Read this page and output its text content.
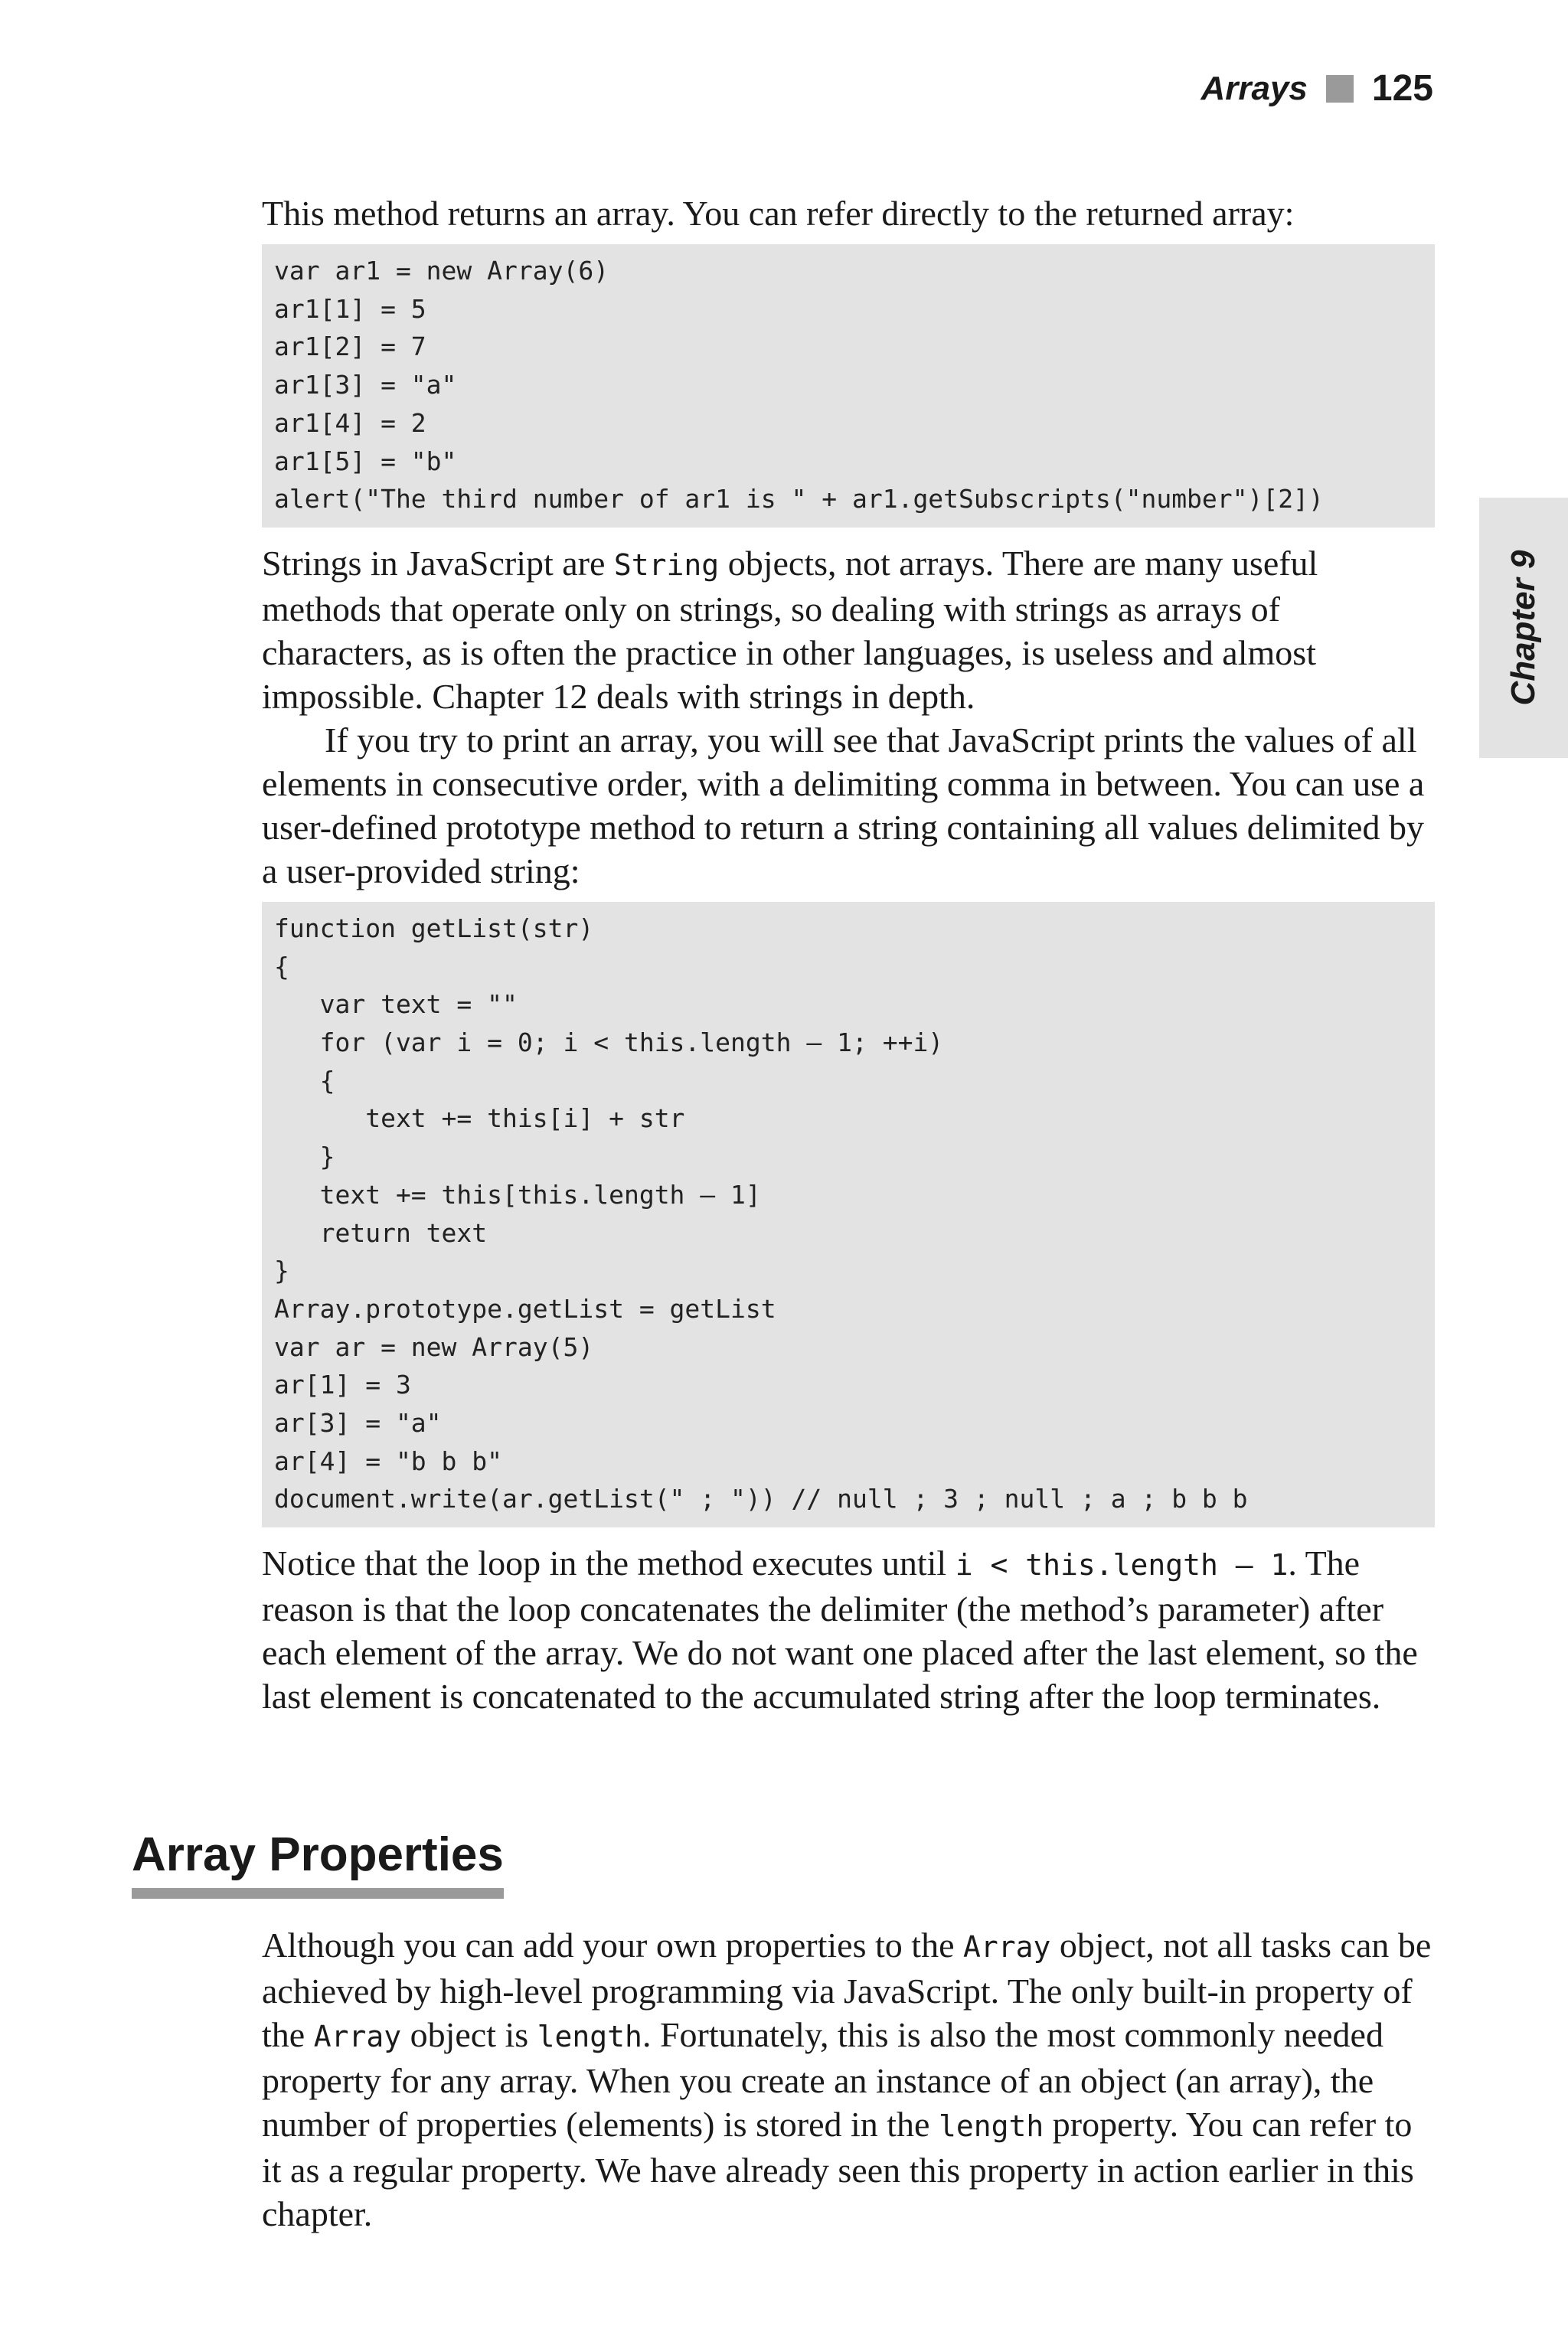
Arrays 125
Chapter 9

This method returns an array. You can refer directly to the returned array:

var ar1 = new Array(6)
ar1[1] = 5
ar1[2] = 7
ar1[3] = "a"
ar1[4] = 2
ar1[5] = "b"
alert("The third number of ar1 is " + ar1.getSubscripts("number")[2])

Strings in JavaScript are String objects, not arrays. There are many useful methods that operate only on strings, so dealing with strings as arrays of characters, as is often the practice in other languages, is useless and almost impossible. Chapter 12 deals with strings in depth.

If you try to print an array, you will see that JavaScript prints the values of all elements in consecutive order, with a delimiting comma in between. You can use a user-defined prototype method to return a string containing all values delimited by a user-provided string:

function getList(str)
{
var text = ""
for (var i = 0; i < this.length – 1; ++i)
{
text += this[i] + str
}
text += this[this.length – 1]
return text
}
Array.prototype.getList = getList
var ar = new Array(5)
ar[1] = 3
ar[3] = "a"
ar[4] = "b b b"
document.write(ar.getList(" ; ")) // null ; 3 ; null ; a ; b b b

Notice that the loop in the method executes until i < this.length – 1. The reason is that the loop concatenates the delimiter (the method’s parameter) after each element of the array. We do not want one placed after the last element, so the last element is concatenated to the accumulated string after the loop terminates.

Array Properties

Although you can add your own properties to the Array object, not all tasks can be achieved by high-level programming via JavaScript. The only built-in property of the Array object is length. Fortunately, this is also the most commonly needed property for any array. When you create an instance of an object (an array), the number of properties (elements) is stored in the length property. You can refer to it as a regular property. We have already seen this property in action earlier in this chapter.
